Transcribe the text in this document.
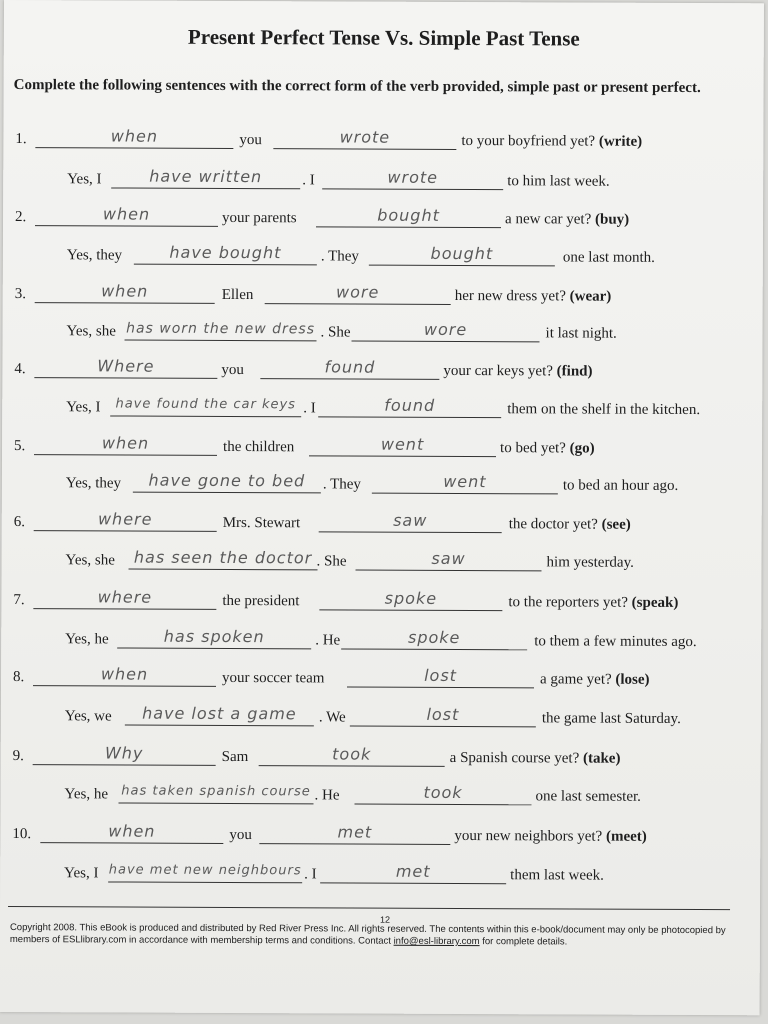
Present Perfect Tense Vs. Simple Past Tense
Complete the following sentences with the correct form of the verb provided, simple past or present perfect.
1.	when	you	wrote	to your boyfriend yet? (write)
Yes, I	have written	. I	wrote	to him last week.
2.	when	your parents	bought	a new car yet? (buy)
Yes, they	have bought	. They	bought	one last month.
3.	when	Ellen	wore	her new dress yet? (wear)
Yes, she has worn the new dress . She	wore	it last night.
4.	Where	you	found	your car keys yet? (find)
Yes, I	have found the car keys . I	found	them on the shelf in the kitchen.
5.	when	the children	went	to bed yet? (go)
Yes, they	have gone to bed	. They	went	to bed an hour ago.
6.	where	Mrs. Stewart	saw	the doctor yet? (see)
Yes, she	has seen the doctor . She	saw	him yesterday.
7.	where	the president	spoke	to the reporters yet? (speak)
Yes, he	has spoken	. He	spoke	to them a few minutes ago.
8.	when	your soccer team	lost	a game yet? (lose)
Yes, we	have lost a game	. We	lost	the game last Saturday.
9.	Why	Sam	took	a Spanish course yet? (take)
Yes, he has taken spanish course . He	took	one last semester.
10.	when	you	met	your new neighbors yet? (meet)
Yes, I have met new neighbours . I	met	them last week.
12
Copyright 2008. This eBook is produced and distributed by Red River Press Inc. All rights reserved. The contents within this e-book/document may only be photocopied by members of ESLlibrary.com in accordance with membership terms and conditions. Contact info@esl-library.com for complete details.
